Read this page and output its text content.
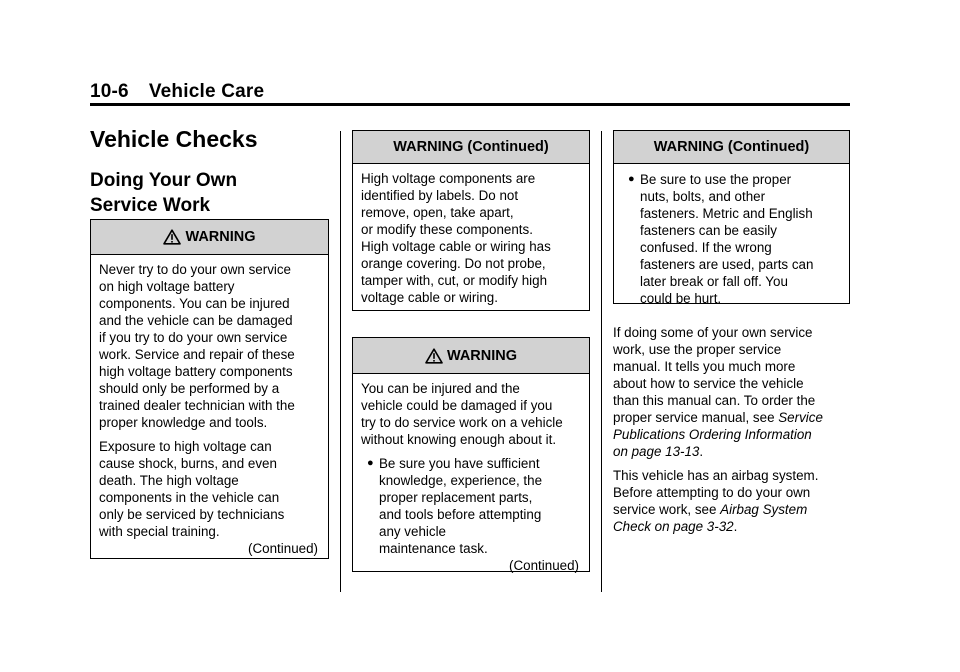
10-6 Vehicle Care
Vehicle Checks
Doing Your Own
Service Work
WARNING

Never try to do your own service
on high voltage battery
components. You can be injured
and the vehicle can be damaged
if you try to do your own service
work. Service and repair of these
high voltage battery components
should only be performed by a
trained dealer technician with the
proper knowledge and tools.

Exposure to high voltage can
cause shock, burns, and even
death. The high voltage
components in the vehicle can
only be serviced by technicians
with special training.

(Continued)
WARNING (Continued)

High voltage components are
identified by labels. Do not
remove, open, take apart,
or modify these components.
High voltage cable or wiring has
orange covering. Do not probe,
tamper with, cut, or modify high
voltage cable or wiring.

WARNING

You can be injured and the
vehicle could be damaged if you
try to do service work on a vehicle
without knowing enough about it.

● Be sure you have sufficient
knowledge, experience, the
proper replacement parts,
and tools before attempting
any vehicle
maintenance task.
(Continued)
WARNING (Continued)
● Be sure to use the proper
nuts, bolts, and other
fasteners. Metric and English
fasteners can be easily
confused. If the wrong
fasteners are used, parts can
later break or fall off. You
could be hurt.

If doing some of your own service
work, use the proper service
manual. It tells you much more
about how to service the vehicle
than this manual can. To order the
proper service manual, see Service
Publications Ordering Information
on page 13-13.

This vehicle has an airbag system.
Before attempting to do your own
service work, see Airbag System
Check on page 3-32.
